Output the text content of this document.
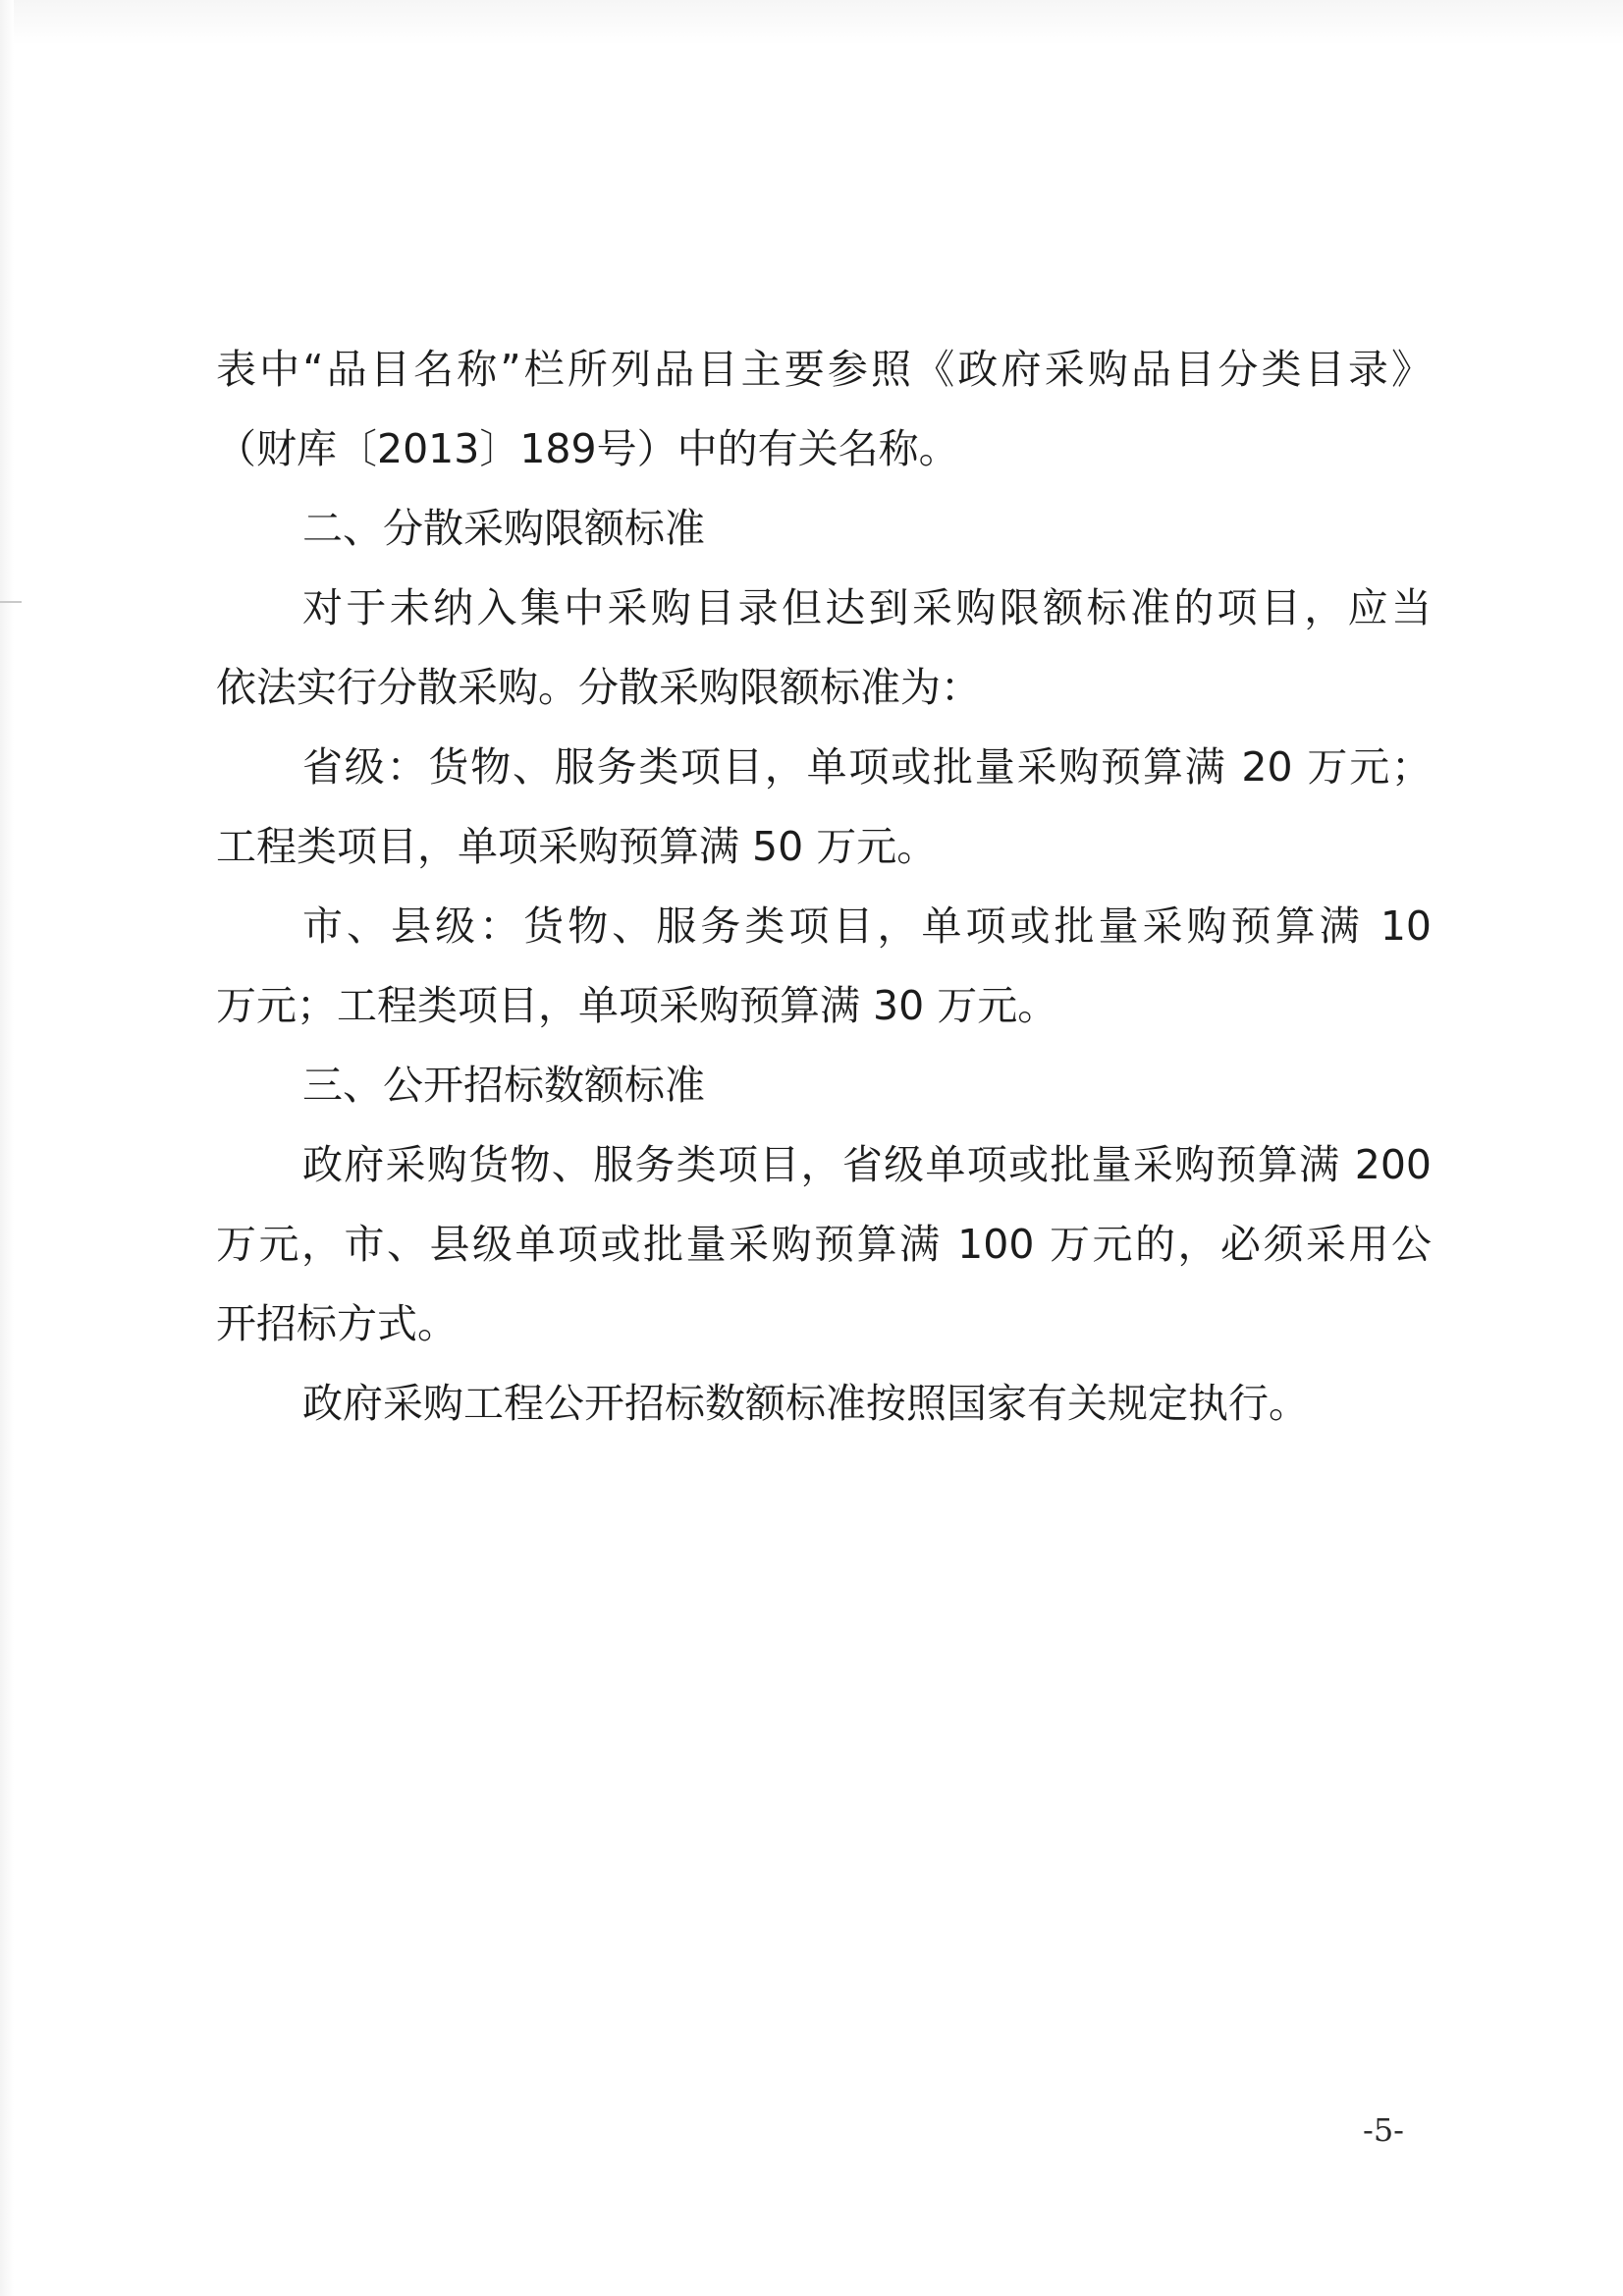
表中“品目名称”栏所列品目主要参照《政府采购品目分类目录》
（财库〔2013〕189号）中的有关名称。
二、分散采购限额标准
对于未纳入集中采购目录但达到采购限额标准的项目，应当
依法实行分散采购。分散采购限额标准为：
省级：货物、服务类项目，单项或批量采购预算满 20 万元；
工程类项目，单项采购预算满 50 万元。
市、县级：货物、服务类项目，单项或批量采购预算满 10
万元；工程类项目，单项采购预算满 30 万元。
三、公开招标数额标准
政府采购货物、服务类项目，省级单项或批量采购预算满 200
万元，市、县级单项或批量采购预算满 100 万元的，必须采用公
开招标方式。
政府采购工程公开招标数额标准按照国家有关规定执行。
-5-
